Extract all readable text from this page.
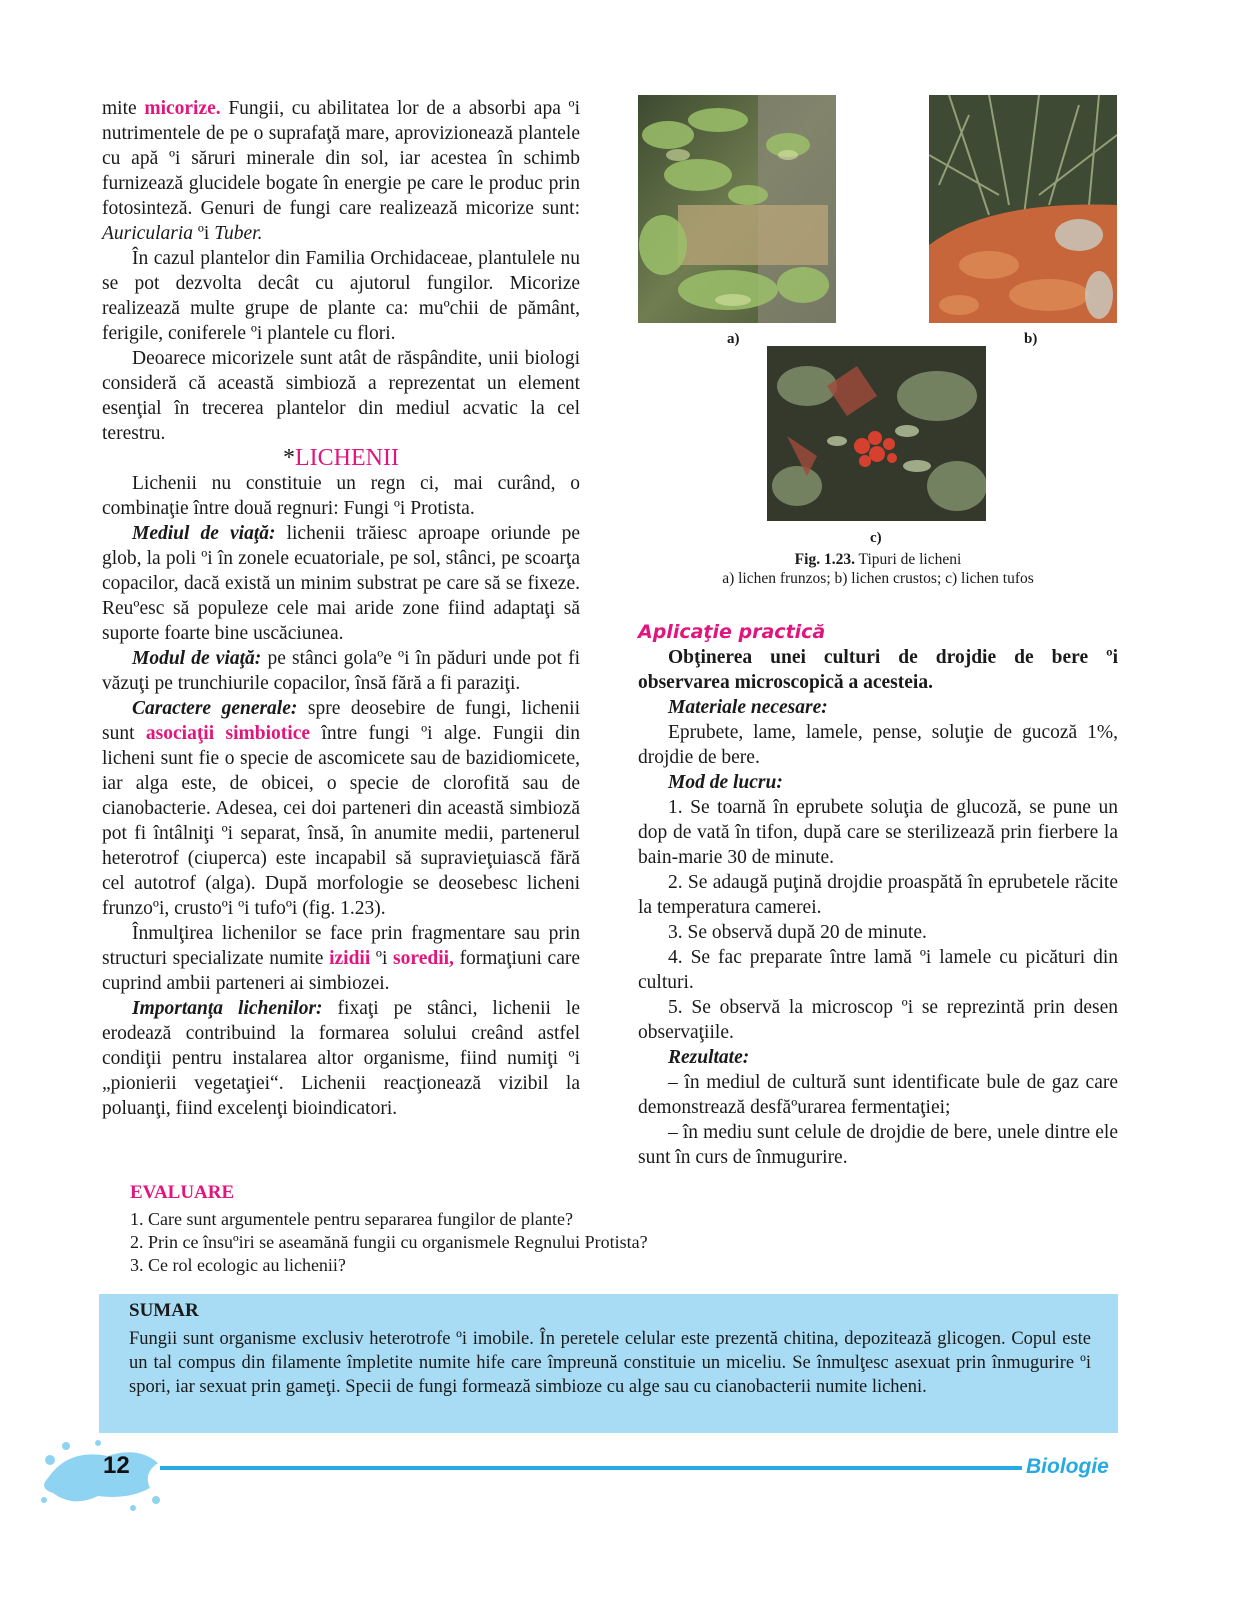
mite micorize. Fungii, cu abilitatea lor de a absorbi apa ºi nutrimentele de pe o suprafaţă mare, aprovizionează plantele cu apă ºi săruri minerale din sol, iar acestea în schimb furnizează glucidele bogate în energie pe care le produc prin fotosinteză. Genuri de fungi care realizează micorize sunt: Auricularia ºi Tuber.

În cazul plantelor din Familia Orchidaceae, plantulele nu se pot dezvolta decât cu ajutorul fungilor. Micorize realizează multe grupe de plante ca: muºchii de pământ, ferigile, coniferele ºi plantele cu flori.

Deoarece micorizele sunt atât de răspândite, unii biologi consideră că această simbioză a reprezentat un element esenţial în trecerea plantelor din mediul acvatic la cel terestru.

*LICHENII

Lichenii nu constituie un regn ci, mai curând, o combinaţie între două regnuri: Fungi ºi Protista.

Mediul de viaţă: lichenii trăiesc aproape oriunde pe glob, la poli ºi în zonele ecuatoriale, pe sol, stânci, pe scoarţa copacilor, dacă există un minim substrat pe care să se fixeze. Reuºesc să populeze cele mai aride zone fiind adaptaţi să suporte foarte bine uscăciunea.

Modul de viaţă: pe stânci golaºe ºi în păduri unde pot fi văzuţi pe trunchiurile copacilor, însă fără a fi paraziţi.

Caractere generale: spre deosebire de fungi, lichenii sunt asociaţii simbiotice între fungi ºi alge. Fungii din licheni sunt fie o specie de ascomicete sau de bazidiomicete, iar alga este, de obicei, o specie de clorofită sau de cianobacterie. Adesea, cei doi parteneri din această simbioză pot fi întâlniţi ºi separat, însă, în anumite medii, partenerul heterotrof (ciuperca) este incapabil să supravieţuiască fără cel autotrof (alga). După morfologie se deosebesc licheni frunzoºi, crustoºi ºi tufoºi (fig. 1.23).

Înmulţirea lichenilor se face prin fragmentare sau prin structuri specializate numite izidii ºi soredii, formaţiuni care cuprind ambii parteneri ai simbiozei.

Importanţa lichenilor: fixaţi pe stânci, lichenii le erodează contribuind la formarea solului creând astfel condiţii pentru instalarea altor organisme, fiind numiţi ºi „pionierii vegetaţiei“. Lichenii reacţionează vizibil la poluanţi, fiind excelenţi bioindicatori.

a)	b)
c)
Fig. 1.23. Tipuri de licheni
a) lichen frunzos; b) lichen crustos; c) lichen tufos

Aplicaţie practică

Obţinerea unei culturi de drojdie de bere ºi observarea microscopică a acesteia.

Materiale necesare:

Eprubete, lame, lamele, pense, soluţie de gucoză 1%, drojdie de bere.

Mod de lucru:

1. Se toarnă în eprubete soluţia de glucoză, se pune un dop de vată în tifon, după care se sterilizează prin fierbere la bain-marie 30 de minute.

2. Se adaugă puţină drojdie proaspătă în eprubetele răcite la temperatura camerei.

3. Se observă după 20 de minute.

4. Se fac preparate între lamă ºi lamele cu picături din culturi.

5. Se observă la microscop ºi se reprezintă prin desen observaţiile.

Rezultate:

– în mediul de cultură sunt identificate bule de gaz care demonstrează desfăºurarea fermentaţiei;

– în mediu sunt celule de drojdie de bere, unele dintre ele sunt în curs de înmugurire.

EVALUARE
1. Care sunt argumentele pentru separarea fungilor de plante?
2. Prin ce însuºiri se aseamănă fungii cu organismele Regnului Protista?
3. Ce rol ecologic au lichenii?
SUMAR
Fungii sunt organisme exclusiv heterotrofe ºi imobile. În peretele celular este prezentă chitina, depozitează glicogen. Copul este un tal compus din filamente împletite numite hife care împreună constituie un miceliu. Se înmulţesc asexuat prin înmugurire ºi spori, iar sexuat prin gameţi. Specii de fungi formează simbioze cu alge sau cu cianobacterii numite licheni.
12	Biologie
